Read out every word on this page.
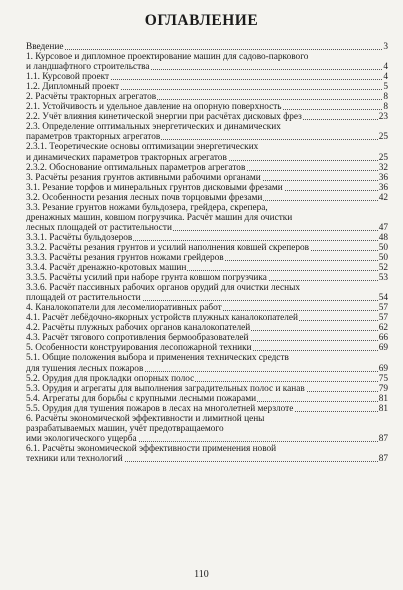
ОГЛАВЛЕНИЕ
Введение	3
1. Курсовое и дипломное проектирование машин для садово-паркового
и ландшафтного строительства	4
1.1. Курсовой проект	4
1.2. Дипломный проект	5
2. Расчёты тракторных агрегатов	8
2.1. Устойчивость и удельное давление на опорную поверхность	8
2.2. Учёт влияния кинетической энергии при расчётах дисковых фрез	23
2.3. Определение оптимальных энергетических и динамических
параметров тракторных агрегатов	25
2.3.1. Теоретические основы оптимизации энергетических
и динамических параметров тракторных агрегатов	25
2.3.2. Обоснование оптимальных параметров агрегатов	32
3. Расчёты резания грунтов активными рабочими органами	36
3.1. Резание торфов и минеральных грунтов дисковыми фрезами	36
3.2. Особенности резания лесных почв торцовыми фрезами	42
3.3. Резание грунтов ножами бульдозера, грейдера, скрепера,
дренажных машин, ковшом погрузчика. Расчёт машин для очистки
лесных площадей от растительности	47
3.3.1. Расчёты бульдозеров	48
3.3.2. Расчёты резания грунтов и усилий наполнения ковшей скреперов	50
3.3.3. Расчёты резания грунтов ножами грейдеров	50
3.3.4. Расчёт дренажно-кротовых машин	52
3.3.5. Расчёты усилий при наборе грунта ковшом погрузчика	53
3.3.6. Расчёт пассивных рабочих органов орудий для очистки лесных
площадей от растительности	54
4. Каналокопатели для лесомелиоративных работ	57
4.1. Расчёт лебёдочно-якорных устройств плужных каналокопателей	57
4.2. Расчёты плужных рабочих органов каналокопателей	62
4.3. Расчёт тягового сопротивления бермообразователей	66
5. Особенности конструирования лесопожарной техники	69
5.1. Общие положения выбора и применения технических средств
для тушения лесных пожаров	69
5.2. Орудия для прокладки опорных полос	75
5.3. Орудия и агрегаты для выполнения заградительных полос и канав	79
5.4. Агрегаты для борьбы с крупными лесными пожарами	81
5.5. Орудия для тушения пожаров в лесах на многолетней мерзлоте	81
6. Расчёты экономической эффективности и лимитной цены
разрабатываемых машин, учёт предотвращаемого
ими экологического ущерба	87
6.1. Расчёты экономической эффективности применения новой
техники или технологий	87
110
